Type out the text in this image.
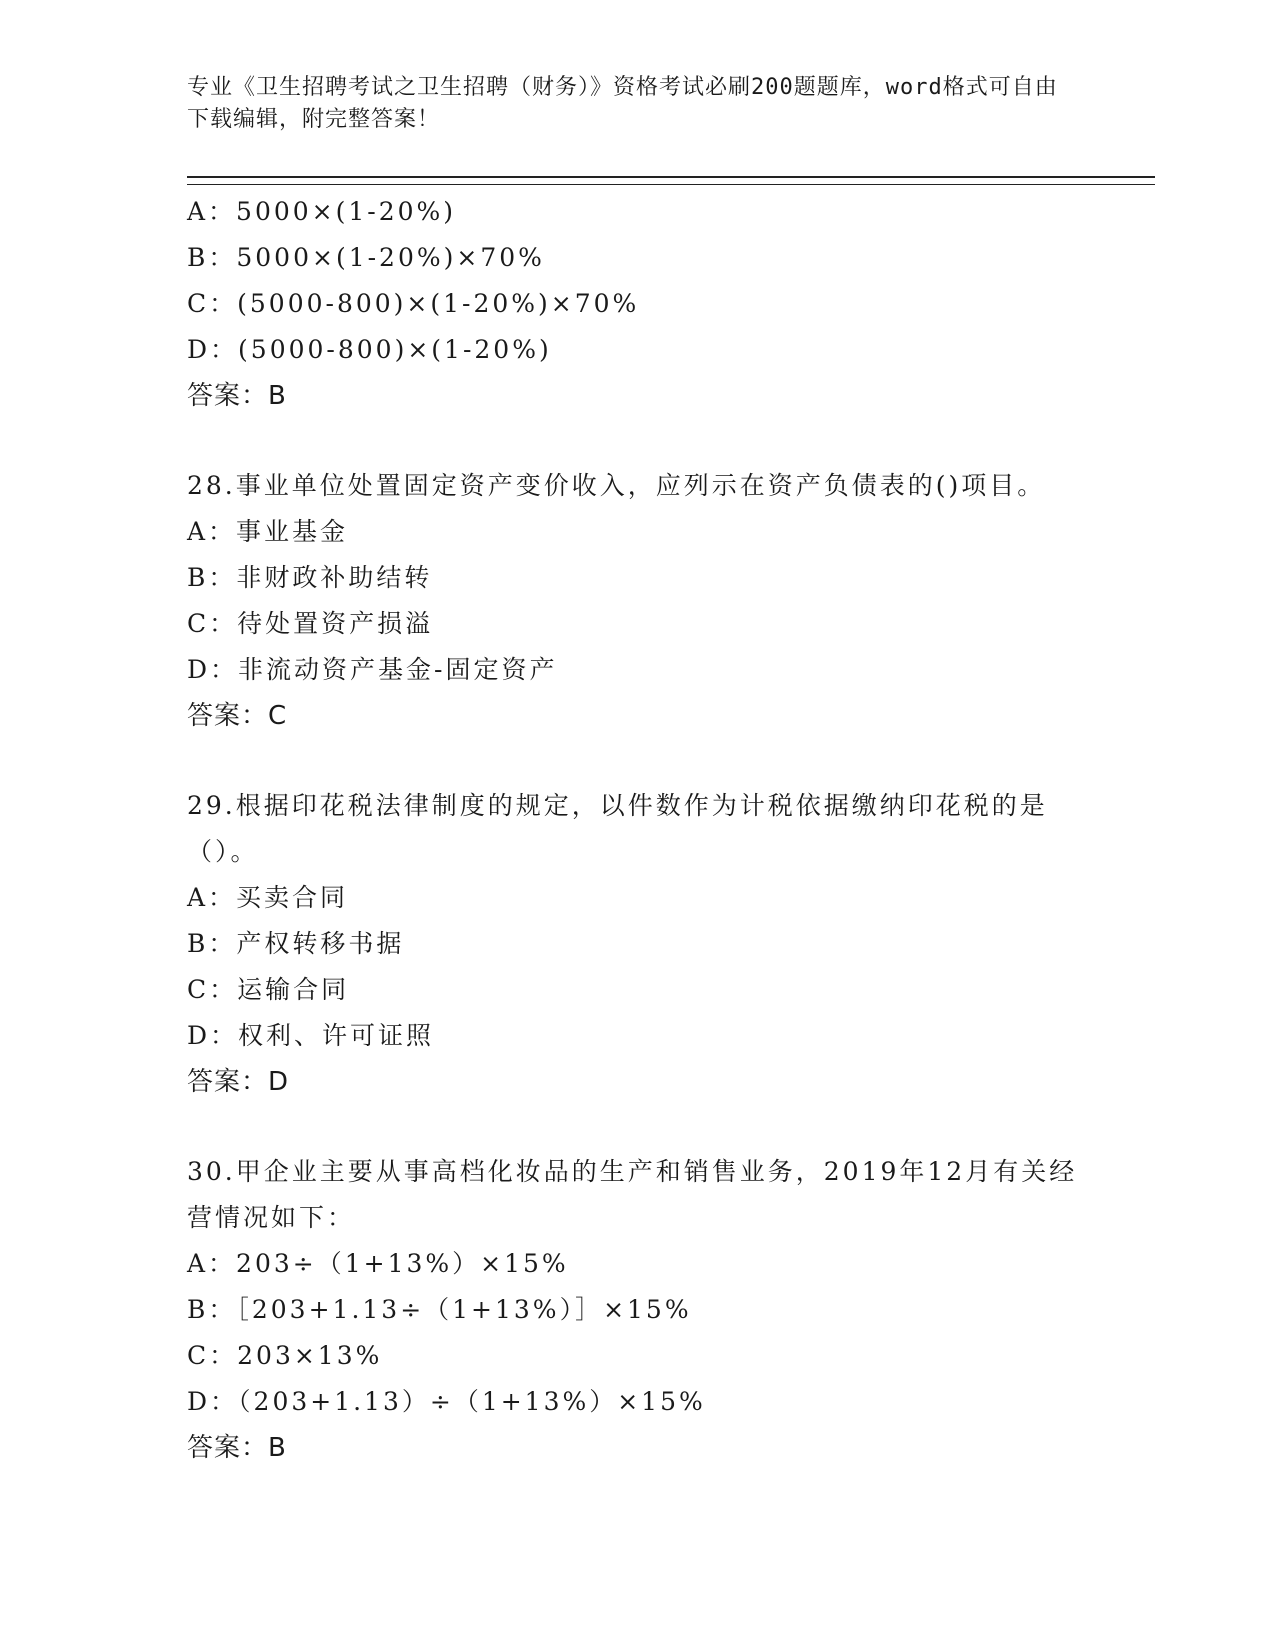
专业《卫生招聘考试之卫生招聘（财务）》资格考试必刷200题题库，word格式可自由下载编辑，附完整答案！
A：5000×(1-20%)
B：5000×(1-20%)×70%
C：(5000-800)×(1-20%)×70%
D：(5000-800)×(1-20%)
答案：B
28.事业单位处置固定资产变价收入，应列示在资产负债表的()项目。
A：事业基金
B：非财政补助结转
C：待处置资产损溢
D：非流动资产基金-固定资产
答案：C
29.根据印花税法律制度的规定，以件数作为计税依据缴纳印花税的是（）。
A：买卖合同
B：产权转移书据
C：运输合同
D：权利、许可证照
答案：D
30.甲企业主要从事高档化妆品的生产和销售业务，2019年12月有关经营情况如下：
A：203÷（1+13%）×15%
B：［203+1.13÷（1+13%）］×15%
C：203×13%
D：（203+1.13）÷（1+13%）×15%
答案：B
